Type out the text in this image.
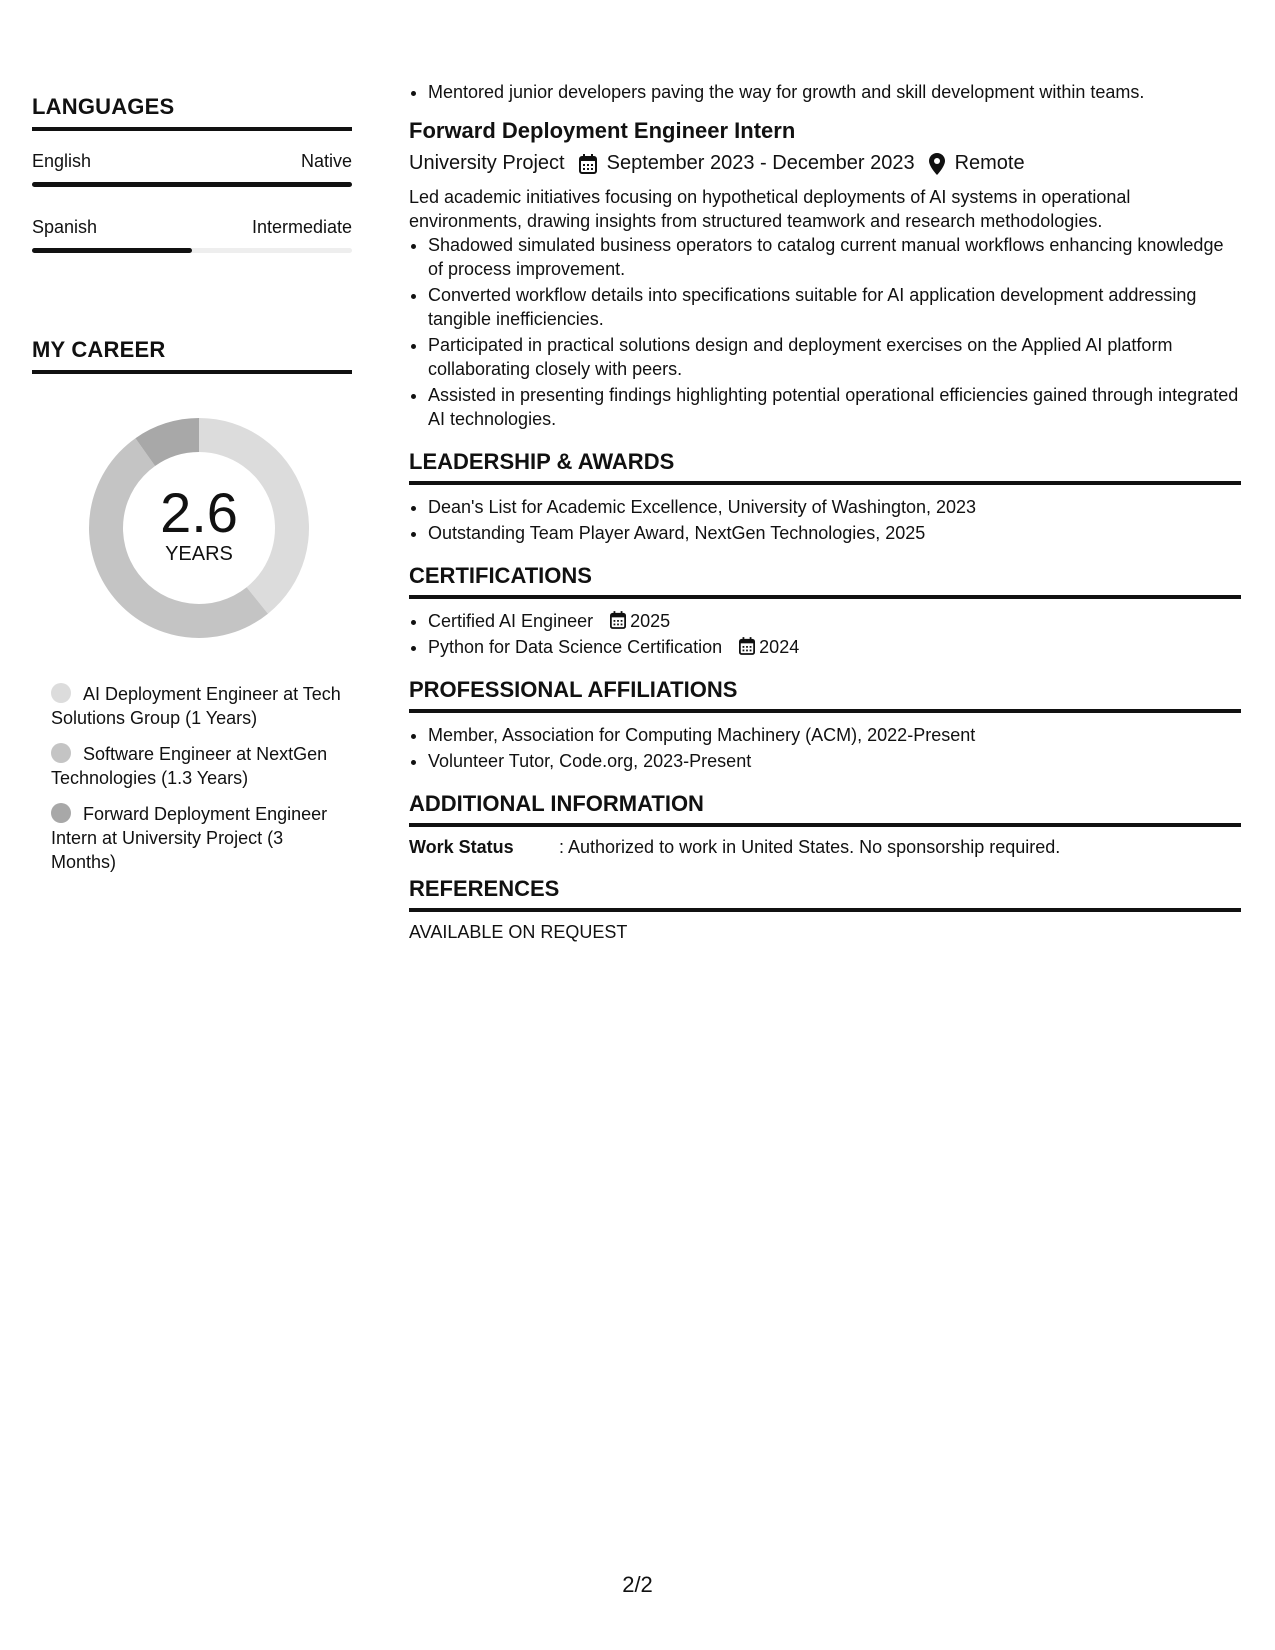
LANGUAGES
English	Native
Spanish	Intermediate
MY CAREER
2.6
YEARS
AI Deployment Engineer at Tech Solutions Group (1 Years)
Software Engineer at NextGen Technologies (1.3 Years)
Forward Deployment Engineer Intern at University Project (3 Months)
• Mentored junior developers paving the way for growth and skill development within teams.
Forward Deployment Engineer Intern
University Project September 2023 - December 2023 Remote
Led academic initiatives focusing on hypothetical deployments of AI systems in operational environments, drawing insights from structured teamwork and research methodologies.
• Shadowed simulated business operators to catalog current manual workflows enhancing knowledge of process improvement.
• Converted workflow details into specifications suitable for AI application development addressing tangible inefficiencies.
• Participated in practical solutions design and deployment exercises on the Applied AI platform collaborating closely with peers.
• Assisted in presenting findings highlighting potential operational efficiencies gained through integrated AI technologies.
LEADERSHIP & AWARDS
• Dean's List for Academic Excellence, University of Washington, 2023
• Outstanding Team Player Award, NextGen Technologies, 2025
CERTIFICATIONS
• Certified AI Engineer 2025
• Python for Data Science Certification 2024
PROFESSIONAL AFFILIATIONS
• Member, Association for Computing Machinery (ACM), 2022-Present
• Volunteer Tutor, Code.org, 2023-Present
ADDITIONAL INFORMATION
Work Status	: Authorized to work in United States. No sponsorship required.
REFERENCES
AVAILABLE ON REQUEST
2/2
